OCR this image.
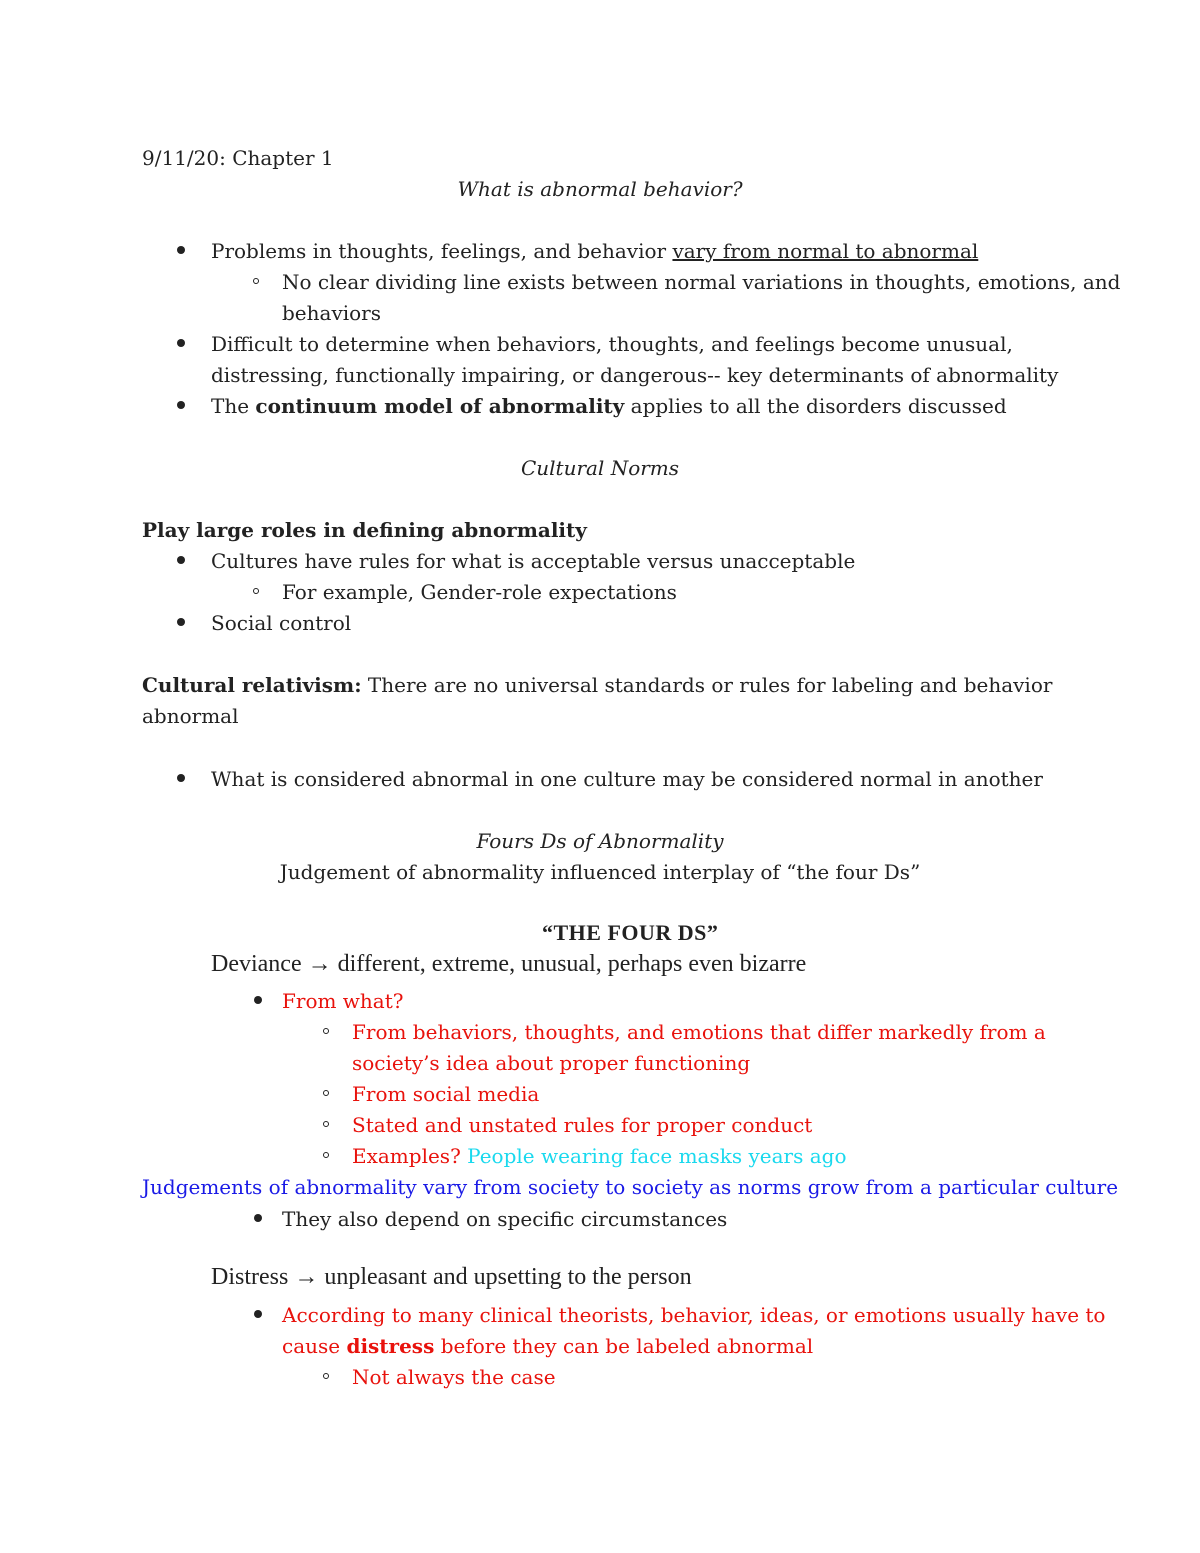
9/11/20: Chapter 1
What is abnormal behavior?
Problems in thoughts, feelings, and behavior vary from normal to abnormal
No clear dividing line exists between normal variations in thoughts, emotions, and
behaviors
Difficult to determine when behaviors, thoughts, and feelings become unusual,
distressing, functionally impairing, or dangerous-- key determinants of abnormality
The continuum model of abnormality applies to all the disorders discussed
Cultural Norms
Play large roles in defining abnormality
Cultures have rules for what is acceptable versus unacceptable
For example, Gender-role expectations
Social control
Cultural relativism: There are no universal standards or rules for labeling and behavior
abnormal
What is considered abnormal in one culture may be considered normal in another
Fours Ds of Abnormality
Judgement of abnormality influenced interplay of “the four Ds”
“THE FOUR DS”
Deviance → different, extreme, unusual, perhaps even bizarre
From what?
From behaviors, thoughts, and emotions that differ markedly from a
society’s idea about proper functioning
From social media
Stated and unstated rules for proper conduct
Examples? People wearing face masks years ago
Judgements of abnormality vary from society to society as norms grow from a particular culture
They also depend on specific circumstances
Distress → unpleasant and upsetting to the person
According to many clinical theorists, behavior, ideas, or emotions usually have to
cause distress before they can be labeled abnormal
Not always the case
